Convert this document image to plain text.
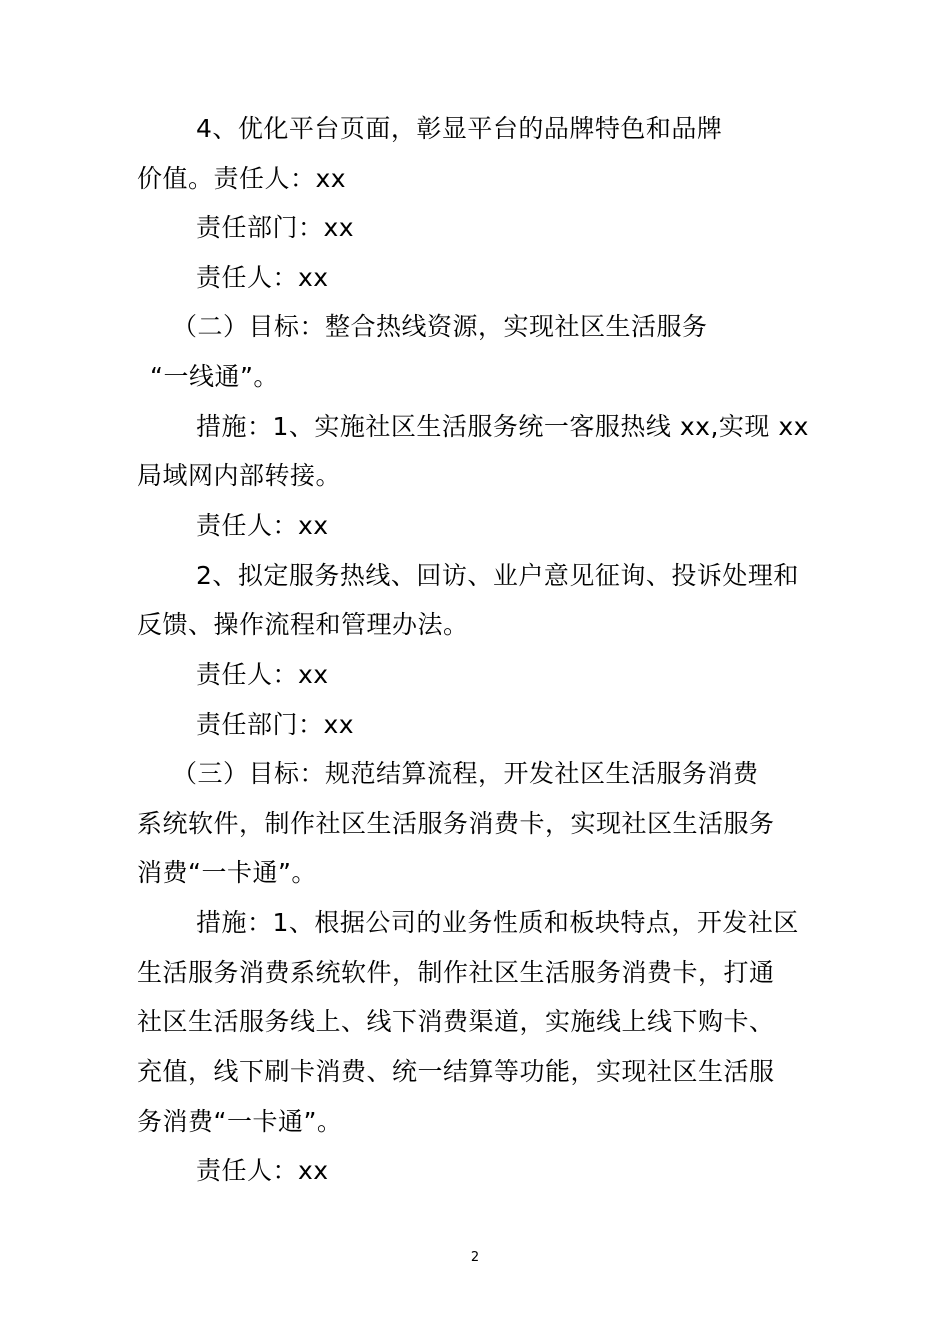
4、优化平台页面，彰显平台的品牌特色和品牌
价值。责任人：xx
责任部门：xx
责任人：xx
（二）目标：整合热线资源，实现社区生活服务
“一线通”。
措施：1、实施社区生活服务统一客服热线 xx,实现 xx
局域网内部转接。
责任人：xx
2、拟定服务热线、回访、业户意见征询、投诉处理和
反馈、操作流程和管理办法。
责任人：xx
责任部门：xx
（三）目标：规范结算流程，开发社区生活服务消费
系统软件，制作社区生活服务消费卡，实现社区生活服务
消费“一卡通”。
措施：1、根据公司的业务性质和板块特点，开发社区
生活服务消费系统软件，制作社区生活服务消费卡，打通
社区生活服务线上、线下消费渠道，实施线上线下购卡、
充值，线下刷卡消费、统一结算等功能，实现社区生活服
务消费“一卡通”。
责任人：xx
2
